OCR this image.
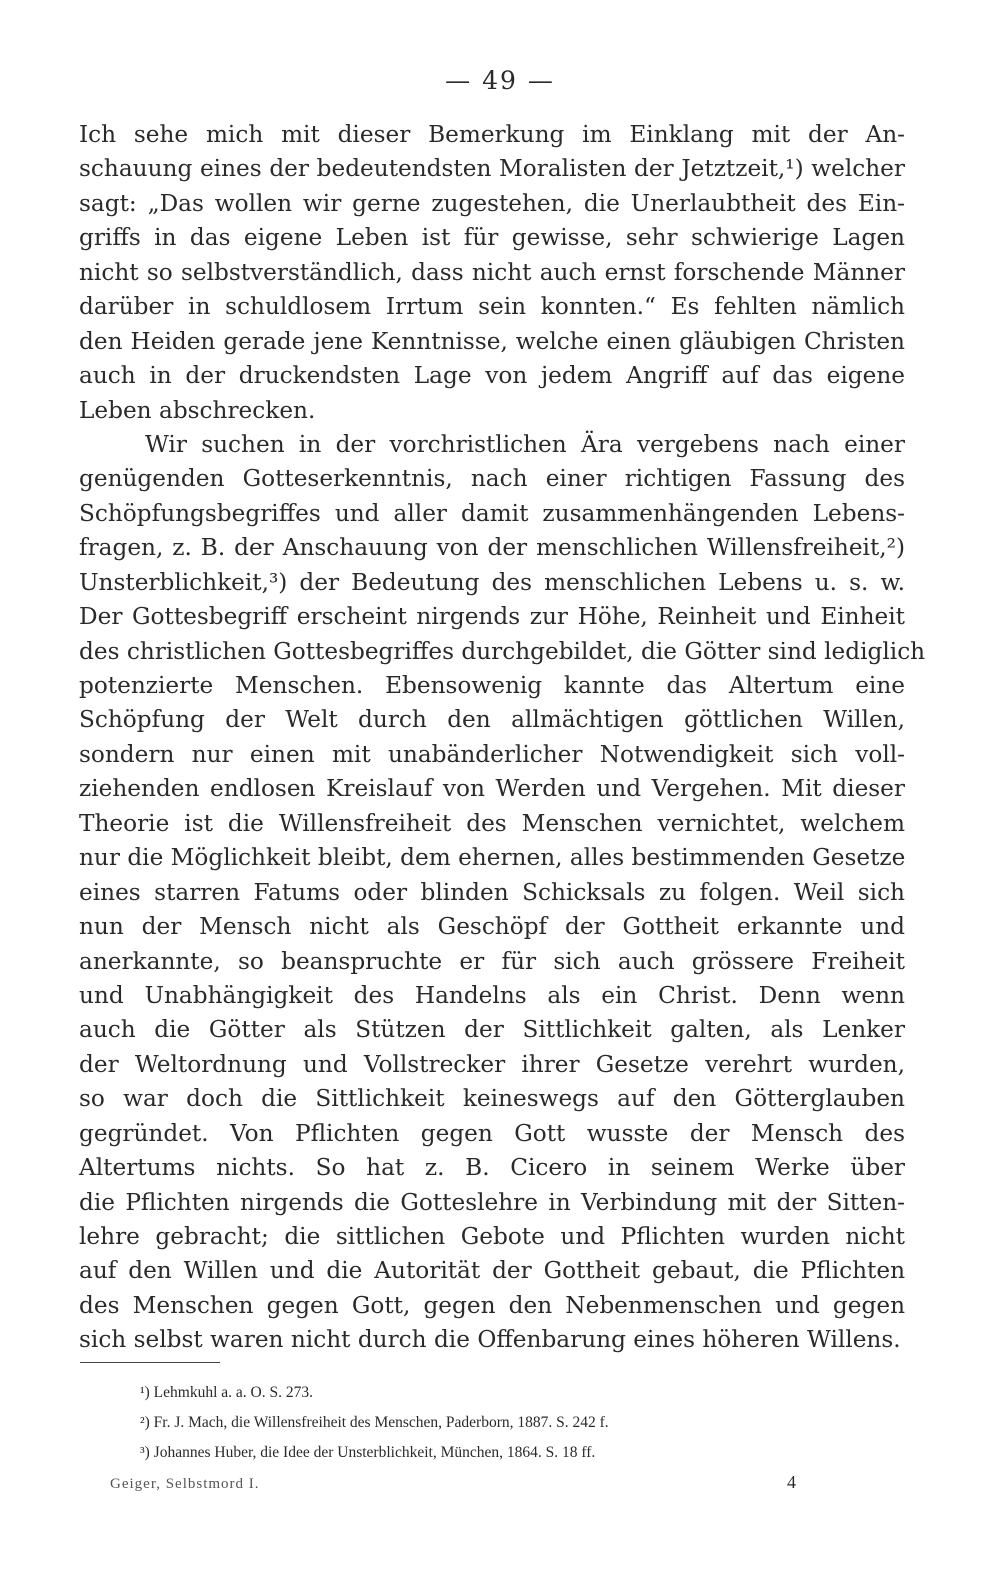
— 49 —
Ich sehe mich mit dieser Bemerkung im Einklang mit der An-
schauung eines der bedeutendsten Moralisten der Jetztzeit,¹) welcher
sagt: „Das wollen wir gerne zugestehen, die Unerlaubtheit des Ein-
griffs in das eigene Leben ist für gewisse, sehr schwierige Lagen
nicht so selbstverständlich, dass nicht auch ernst forschende Männer
darüber in schuldlosem Irrtum sein konnten.“ Es fehlten nämlich
den Heiden gerade jene Kenntnisse, welche einen gläubigen Christen
auch in der druckendsten Lage von jedem Angriff auf das eigene
Leben abschrecken.
Wir suchen in der vorchristlichen Ära vergebens nach einer
genügenden Gotteserkenntnis, nach einer richtigen Fassung des
Schöpfungsbegriffes und aller damit zusammenhängenden Lebens-
fragen, z. B. der Anschauung von der menschlichen Willensfreiheit,²)
Unsterblichkeit,³) der Bedeutung des menschlichen Lebens u. s. w.
Der Gottesbegriff erscheint nirgends zur Höhe, Reinheit und Einheit
des christlichen Gottesbegriffes durchgebildet, die Götter sind lediglich
potenzierte Menschen. Ebensowenig kannte das Altertum eine
Schöpfung der Welt durch den allmächtigen göttlichen Willen,
sondern nur einen mit unabänderlicher Notwendigkeit sich voll-
ziehenden endlosen Kreislauf von Werden und Vergehen. Mit dieser
Theorie ist die Willensfreiheit des Menschen vernichtet, welchem
nur die Möglichkeit bleibt, dem ehernen, alles bestimmenden Gesetze
eines starren Fatums oder blinden Schicksals zu folgen. Weil sich
nun der Mensch nicht als Geschöpf der Gottheit erkannte und
anerkannte, so beanspruchte er für sich auch grössere Freiheit
und Unabhängigkeit des Handelns als ein Christ. Denn wenn
auch die Götter als Stützen der Sittlichkeit galten, als Lenker
der Weltordnung und Vollstrecker ihrer Gesetze verehrt wurden,
so war doch die Sittlichkeit keineswegs auf den Götterglauben
gegründet. Von Pflichten gegen Gott wusste der Mensch des
Altertums nichts. So hat z. B. Cicero in seinem Werke über
die Pflichten nirgends die Gotteslehre in Verbindung mit der Sitten-
lehre gebracht; die sittlichen Gebote und Pflichten wurden nicht
auf den Willen und die Autorität der Gottheit gebaut, die Pflichten
des Menschen gegen Gott, gegen den Nebenmenschen und gegen
sich selbst waren nicht durch die Offenbarung eines höheren Willens.
¹) Lehmkuhl a. a. O. S. 273.
²) Fr. J. Mach, die Willensfreiheit des Menschen, Paderborn, 1887. S. 242 f.
³) Johannes Huber, die Idee der Unsterblichkeit, München, 1864. S. 18 ff.
Geiger, Selbstmord I.	4
